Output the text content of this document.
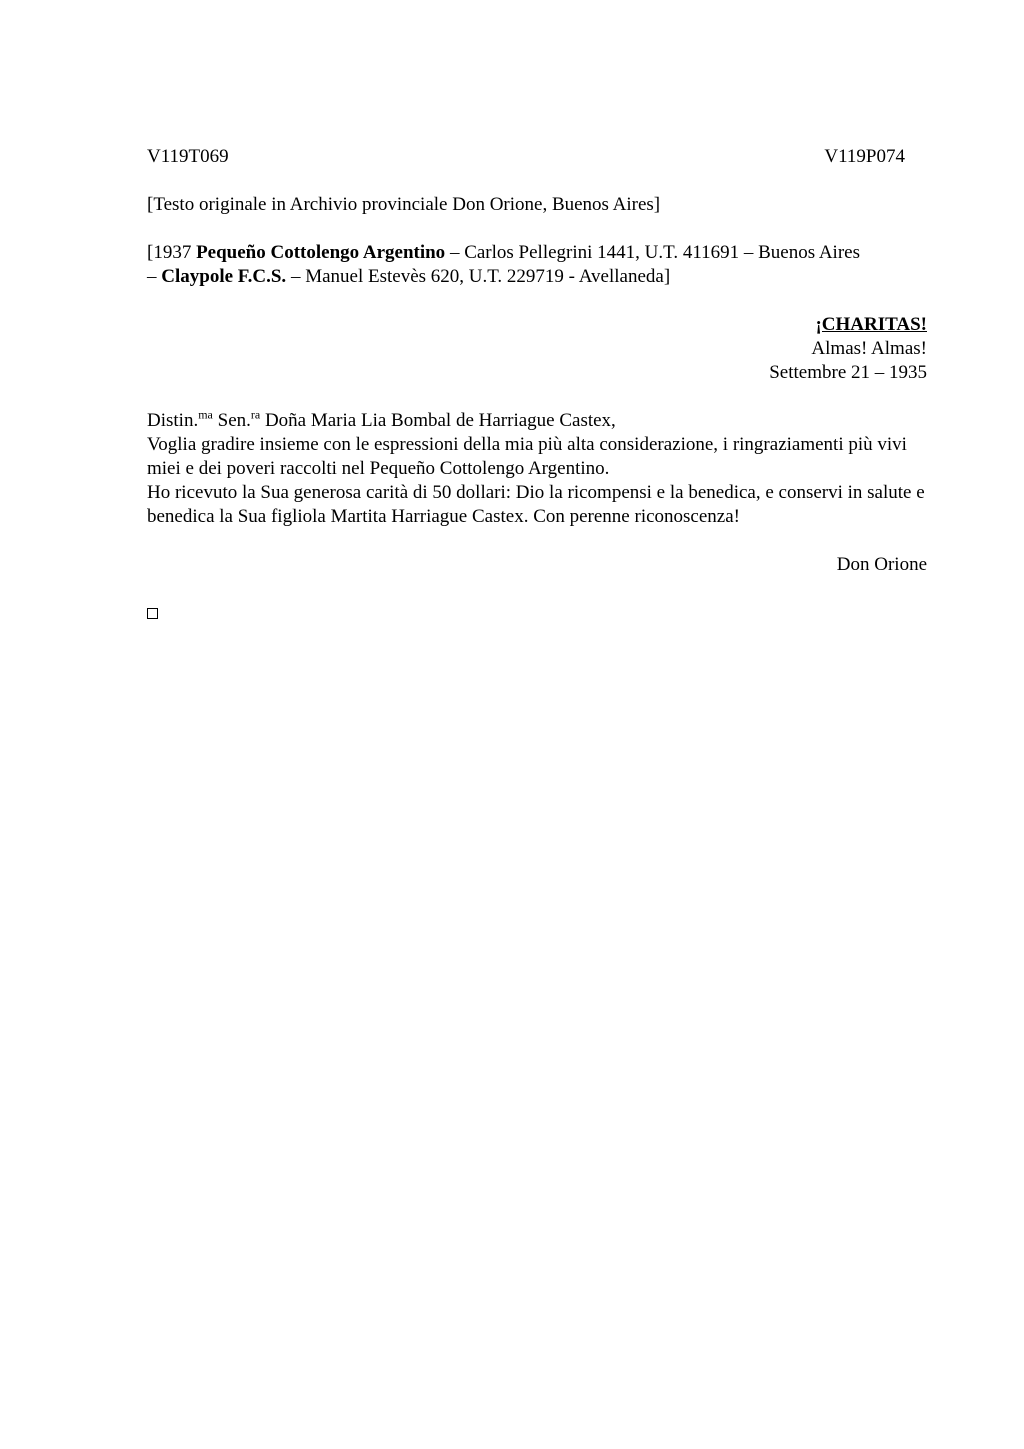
V119T069	V119P074

[Testo originale in Archivio provinciale Don Orione, Buenos Aires]

[1937 Pequeño Cottolengo Argentino – Carlos Pellegrini 1441, U.T. 411691 – Buenos Aires
– Claypole F.C.S. – Manuel Estevès 620, U.T. 229719 - Avellaneda]

¡CHARITAS!
Almas! Almas!
Settembre 21 – 1935
Distin.$^{ma}$ Sen.$^{ra}$ Doña Maria Lia Bombal de Harriague Castex,
Voglia gradire insieme con le espressioni della mia più alta considerazione, i ringraziamenti più vivi miei e dei poveri raccolti nel Pequeño Cottolengo Argentino.
Ho ricevuto la Sua generosa carità di 50 dollari: Dio la ricompensi e la benedica, e conservi in salute e benedica la Sua figliola Martita Harriague Castex. Con perenne riconoscenza!

Don Orione
